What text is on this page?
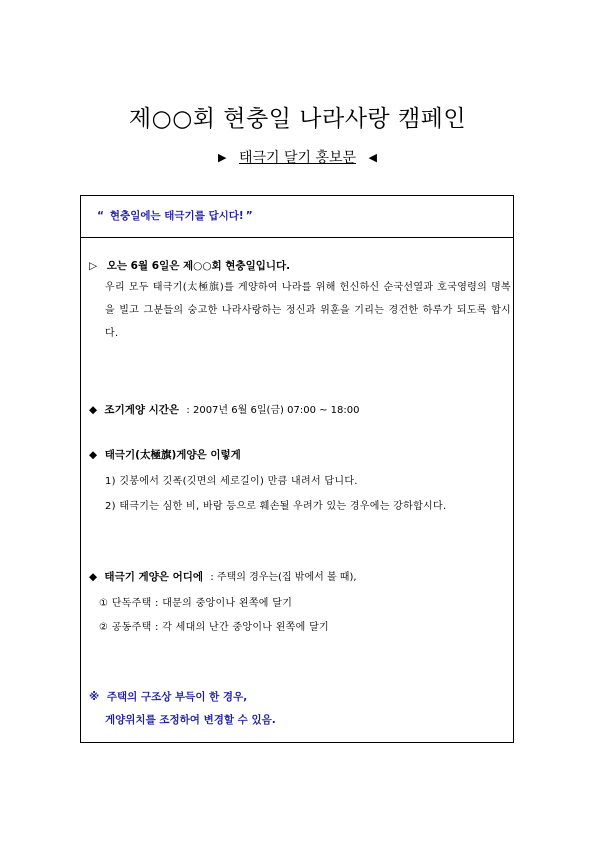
제○○회 현충일 나라사랑 캠페인
▶ 태극기 달기 홍보문 ◀
“ 현충일에는 태극기를 답시다! ”
▷ 오는 6월 6일은 제○○회 현충일입니다.
우리 모두 태극기(太極旗)를 게양하여 나라를 위해 헌신하신 순국선열과 호국영령의 명복을 빌고 그분들의 숭고한 나라사랑하는 정신과 위훈을 기리는 경건한 하루가 되도록 합시다.
◆ 조기게양 시간은 : 2007년 6월 6일(금) 07:00 ~ 18:00
◆ 태극기(太極旗)게양은 이렇게
1) 깃봉에서 깃폭(깃면의 세로길이) 만큼 내려서 답니다.
2) 태극기는 심한 비, 바람 등으로 훼손될 우려가 있는 경우에는 강하합시다.
◆ 태극기 게양은 어디에 : 주택의 경우는(집 밖에서 볼 때),
① 단독주택 : 대문의 중앙이나 왼쪽에 달기
② 공동주택 : 각 세대의 난간 중앙이나 왼쪽에 달기
※ 주택의 구조상 부득이 한 경우,
게양위치를 조정하여 변경할 수 있음.
